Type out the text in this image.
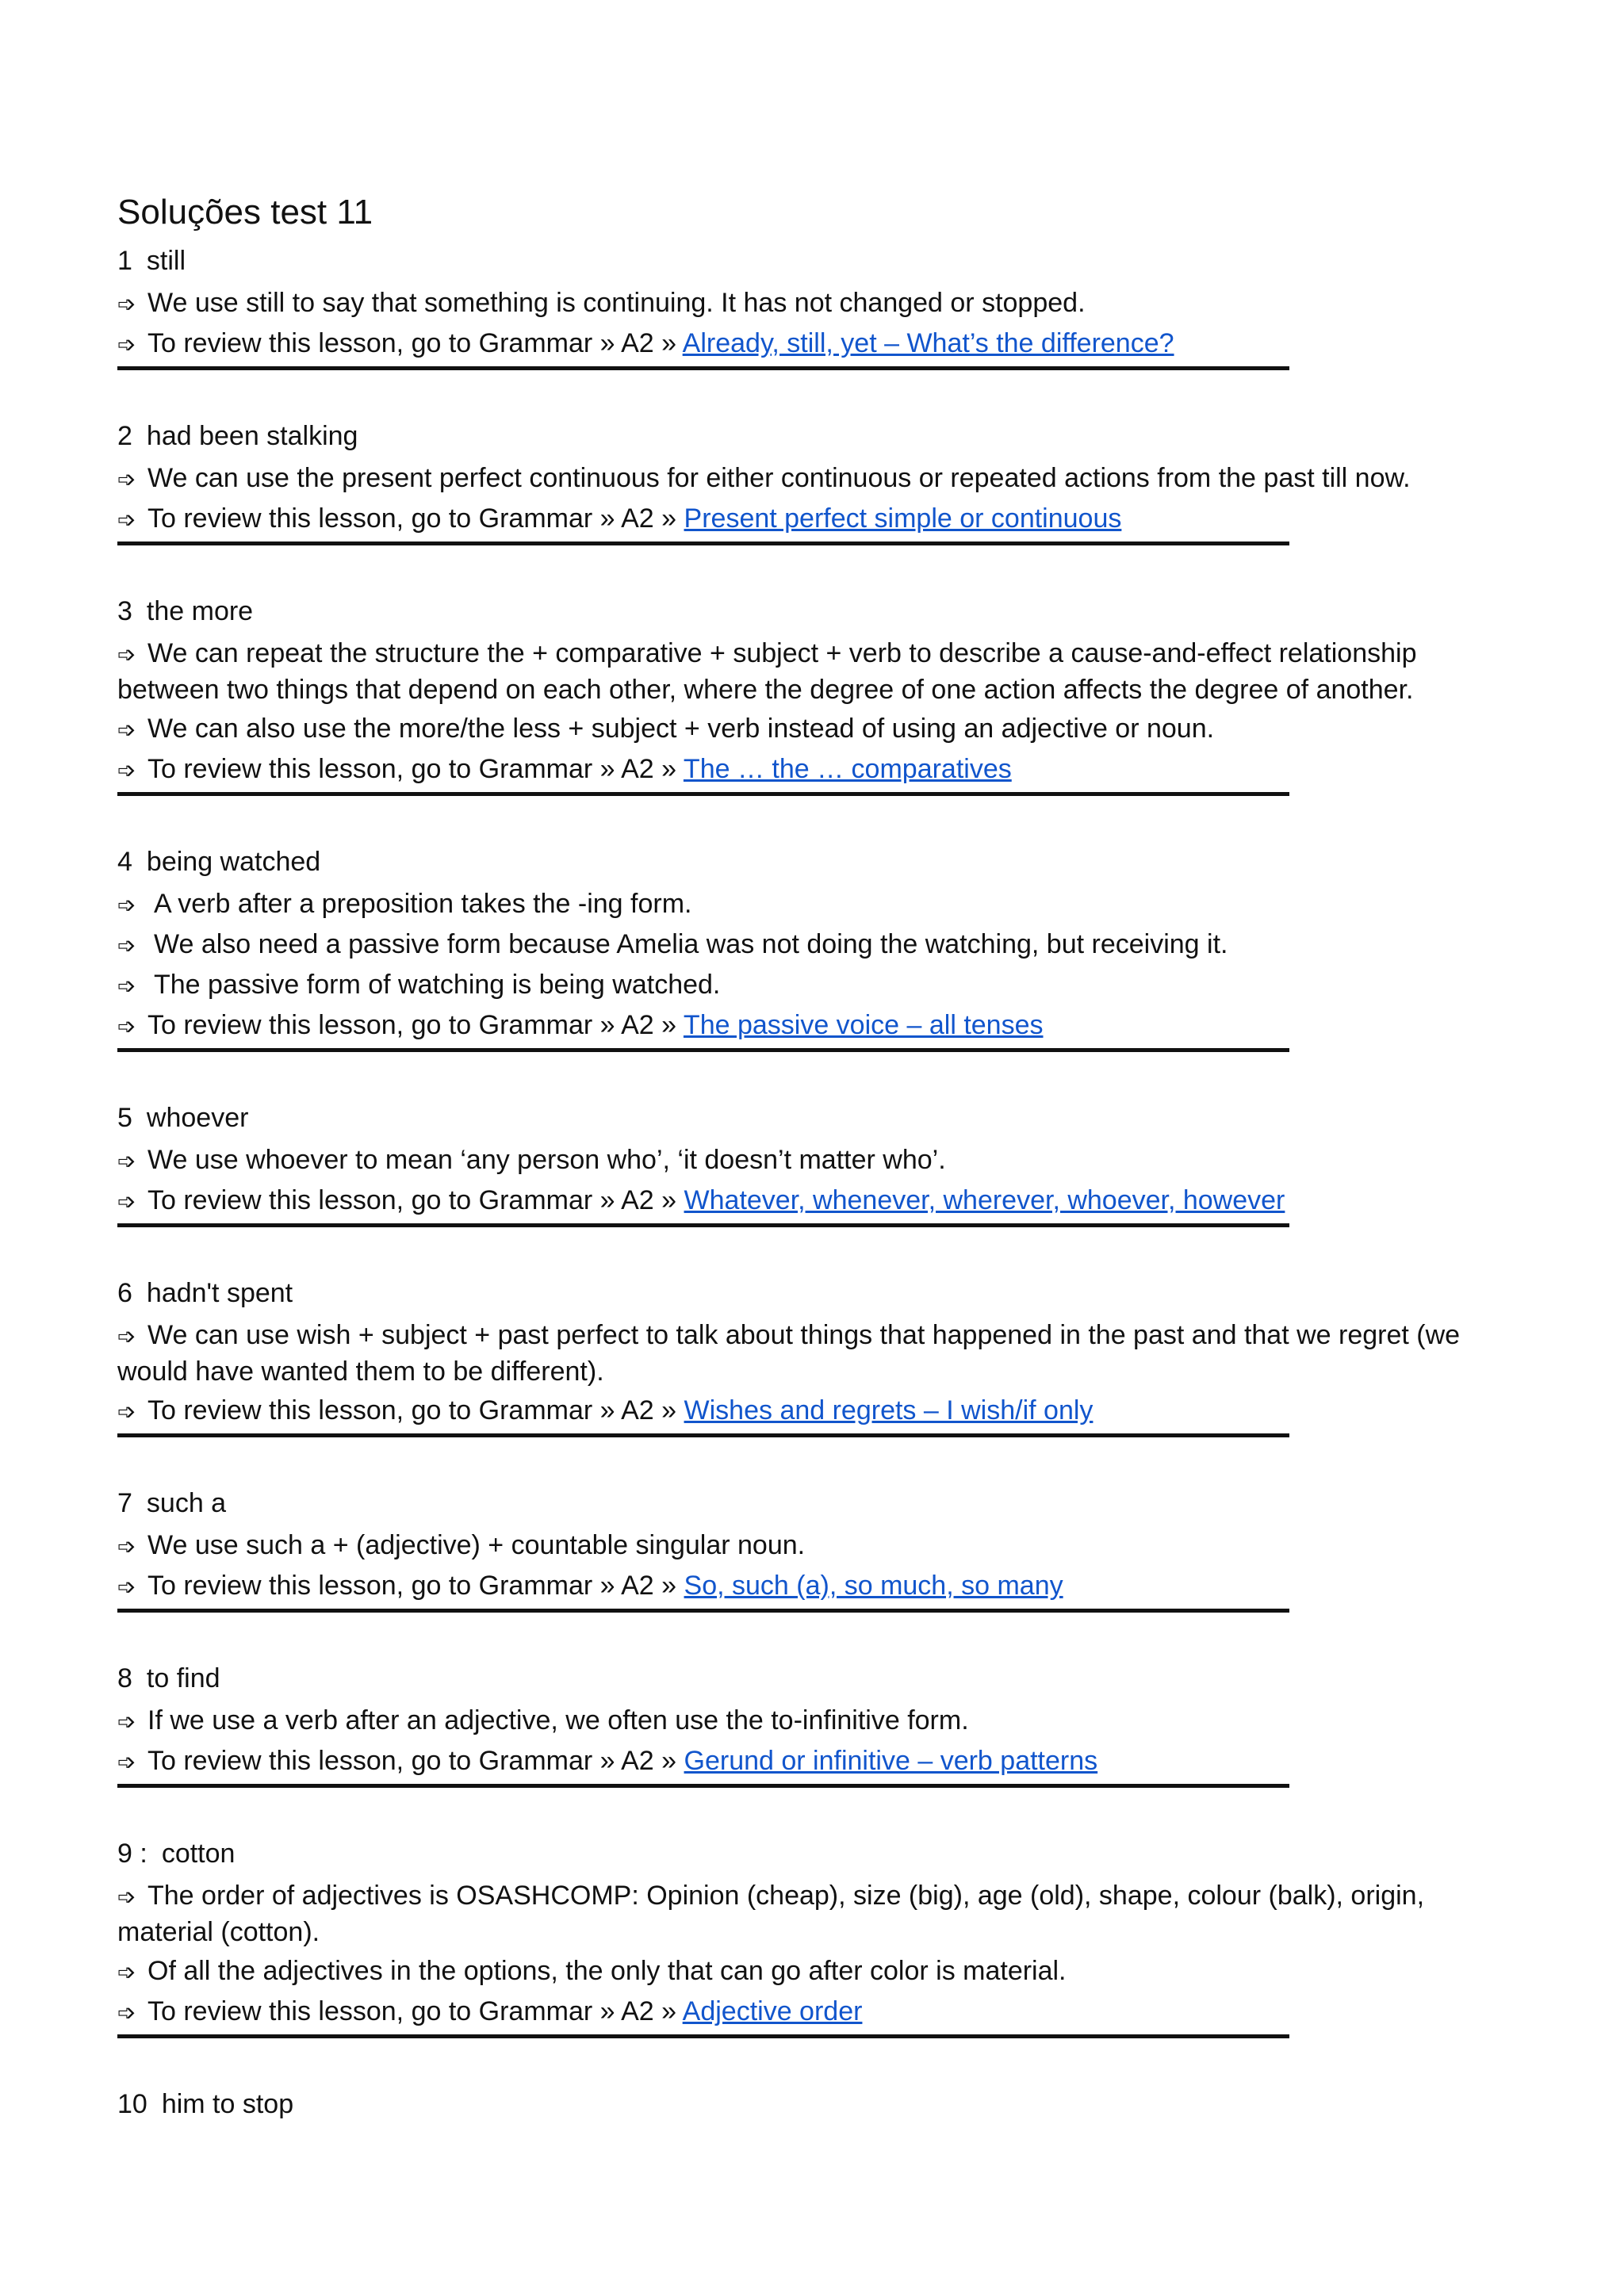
Soluções test 11
1 still
➩ We use still to say that something is continuing. It has not changed or stopped.
➩ To review this lesson, go to Grammar » A2 » Already, still, yet – What’s the difference?
2 had been stalking
➩ We can use the present perfect continuous for either continuous or repeated actions from the past till now.
➩ To review this lesson, go to Grammar » A2 » Present perfect simple or continuous
3 the more
➩ We can repeat the structure the + comparative + subject + verb to describe a cause-and-effect relationship between two things that depend on each other, where the degree of one action affects the degree of another.
➩ We can also use the more/the less + subject + verb instead of using an adjective or noun.
➩ To review this lesson, go to Grammar » A2 » The … the … comparatives
4 being watched
➩ A verb after a preposition takes the -ing form.
➩ We also need a passive form because Amelia was not doing the watching, but receiving it.
➩ The passive form of watching is being watched.
➩ To review this lesson, go to Grammar » A2 » The passive voice – all tenses
5 whoever
➩ We use whoever to mean ‘any person who’, ‘it doesn’t matter who’.
➩ To review this lesson, go to Grammar » A2 » Whatever, whenever, wherever, whoever, however
6 hadn't spent
➩ We can use wish + subject + past perfect to talk about things that happened in the past and that we regret (we would have wanted them to be different).
➩ To review this lesson, go to Grammar » A2 » Wishes and regrets – I wish/if only
7 such a
➩ We use such a + (adjective) + countable singular noun.
➩ To review this lesson, go to Grammar » A2 » So, such (a), so much, so many
8 to find
➩ If we use a verb after an adjective, we often use the to-infinitive form.
➩ To review this lesson, go to Grammar » A2 » Gerund or infinitive – verb patterns
9 : cotton
➩ The order of adjectives is OSASHCOMP: Opinion (cheap), size (big), age (old), shape, colour (balk), origin, material (cotton).
➩ Of all the adjectives in the options, the only that can go after color is material.
➩ To review this lesson, go to Grammar » A2 » Adjective order
10 him to stop
